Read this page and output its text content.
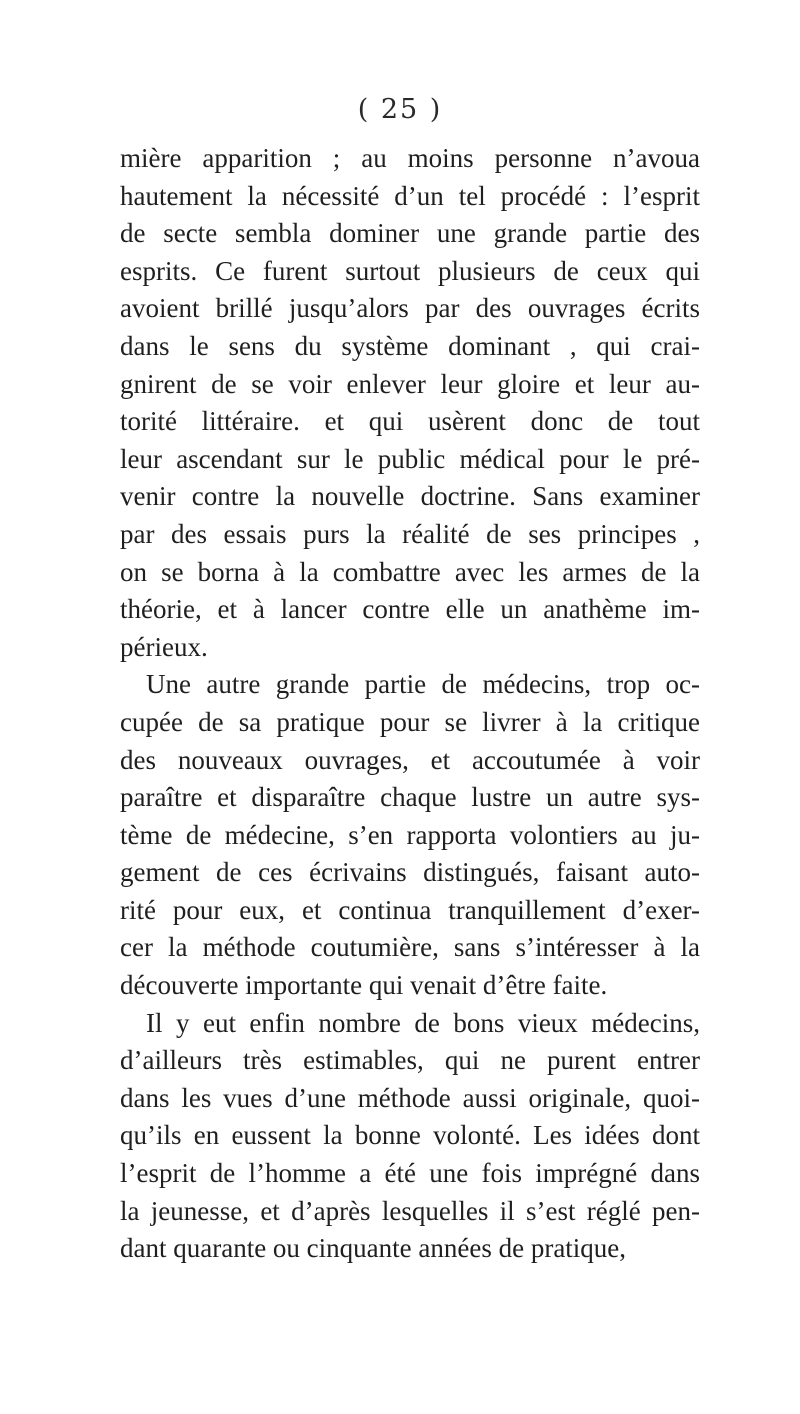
( 25 )
mière apparition ; au moins personne n’avoua
hautement la nécessité d’un tel procédé : l’esprit
de secte sembla dominer une grande partie des
esprits. Ce furent surtout plusieurs de ceux qui
avoient brillé jusqu’alors par des ouvrages écrits
dans le sens du système dominant , qui crai-
gnirent de se voir enlever leur gloire et leur au-
torité littéraire. et qui usèrent donc de tout
leur ascendant sur le public médical pour le pré-
venir contre la nouvelle doctrine. Sans examiner
par des essais purs la réalité de ses principes ,
on se borna à la combattre avec les armes de la
théorie, et à lancer contre elle un anathème im-
périeux.
Une autre grande partie de médecins, trop oc-
cupée de sa pratique pour se livrer à la critique
des nouveaux ouvrages, et accoutumée à voir
paraître et disparaître chaque lustre un autre sys-
tème de médecine, s’en rapporta volontiers au ju-
gement de ces écrivains distingués, faisant auto-
rité pour eux, et continua tranquillement d’exer-
cer la méthode coutumière, sans s’intéresser à la
découverte importante qui venait d’être faite.
Il y eut enfin nombre de bons vieux médecins,
d’ailleurs très estimables, qui ne purent entrer
dans les vues d’une méthode aussi originale, quoi-
qu’ils en eussent la bonne volonté. Les idées dont
l’esprit de l’homme a été une fois imprégné dans
la jeunesse, et d’après lesquelles il s’est réglé pen-
dant quarante ou cinquante années de pratique,
